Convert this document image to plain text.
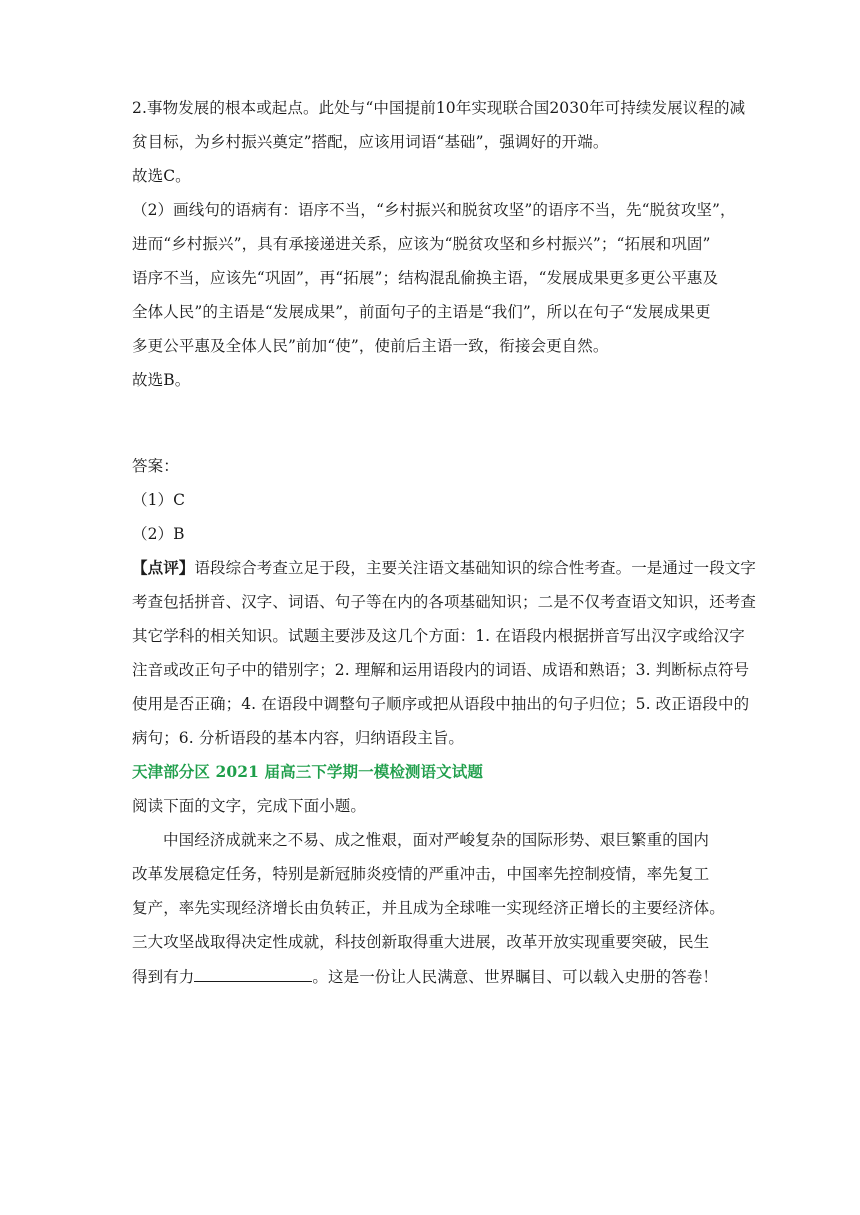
2.事物发展的根本或起点。此处与“中国提前10年实现联合国2030年可持续发展议程的减
贫目标，为乡村振兴奠定”搭配，应该用词语“基础”，强调好的开端。
故选C。
（2）画线句的语病有：语序不当，“乡村振兴和脱贫攻坚”的语序不当，先“脱贫攻坚”，
进而“乡村振兴”，具有承接递进关系，应该为“脱贫攻坚和乡村振兴”；“拓展和巩固”
语序不当，应该先“巩固”，再“拓展”；结构混乱偷换主语，“发展成果更多更公平惠及
全体人民”的主语是“发展成果”，前面句子的主语是“我们”，所以在句子“发展成果更
多更公平惠及全体人民”前加“使”，使前后主语一致，衔接会更自然。
故选B。
答案：
（1）C
（2）B
【点评】语段综合考查立足于段，主要关注语文基础知识的综合性考查。一是通过一段文字
考查包括拼音、汉字、词语、句子等在内的各项基础知识；二是不仅考查语文知识，还考查
其它学科的相关知识。试题主要涉及这几个方面：1. 在语段内根据拼音写出汉字或给汉字
注音或改正句子中的错别字；2. 理解和运用语段内的词语、成语和熟语；3. 判断标点符号
使用是否正确；4. 在语段中调整句子顺序或把从语段中抽出的句子归位；5. 改正语段中的
病句；6. 分析语段的基本内容，归纳语段主旨。
天津部分区 2021 届高三下学期一模检测语文试题
阅读下面的文字，完成下面小题。
中国经济成就来之不易、成之惟艰，面对严峻复杂的国际形势、艰巨繁重的国内
改革发展稳定任务，特别是新冠肺炎疫情的严重冲击，中国率先控制疫情，率先复工
复产，率先实现经济增长由负转正，并且成为全球唯一实现经济正增长的主要经济体。
三大攻坚战取得决定性成就，科技创新取得重大进展，改革开放实现重要突破，民生
得到有力	。这是一份让人民满意、世界瞩目、可以载入史册的答卷！
